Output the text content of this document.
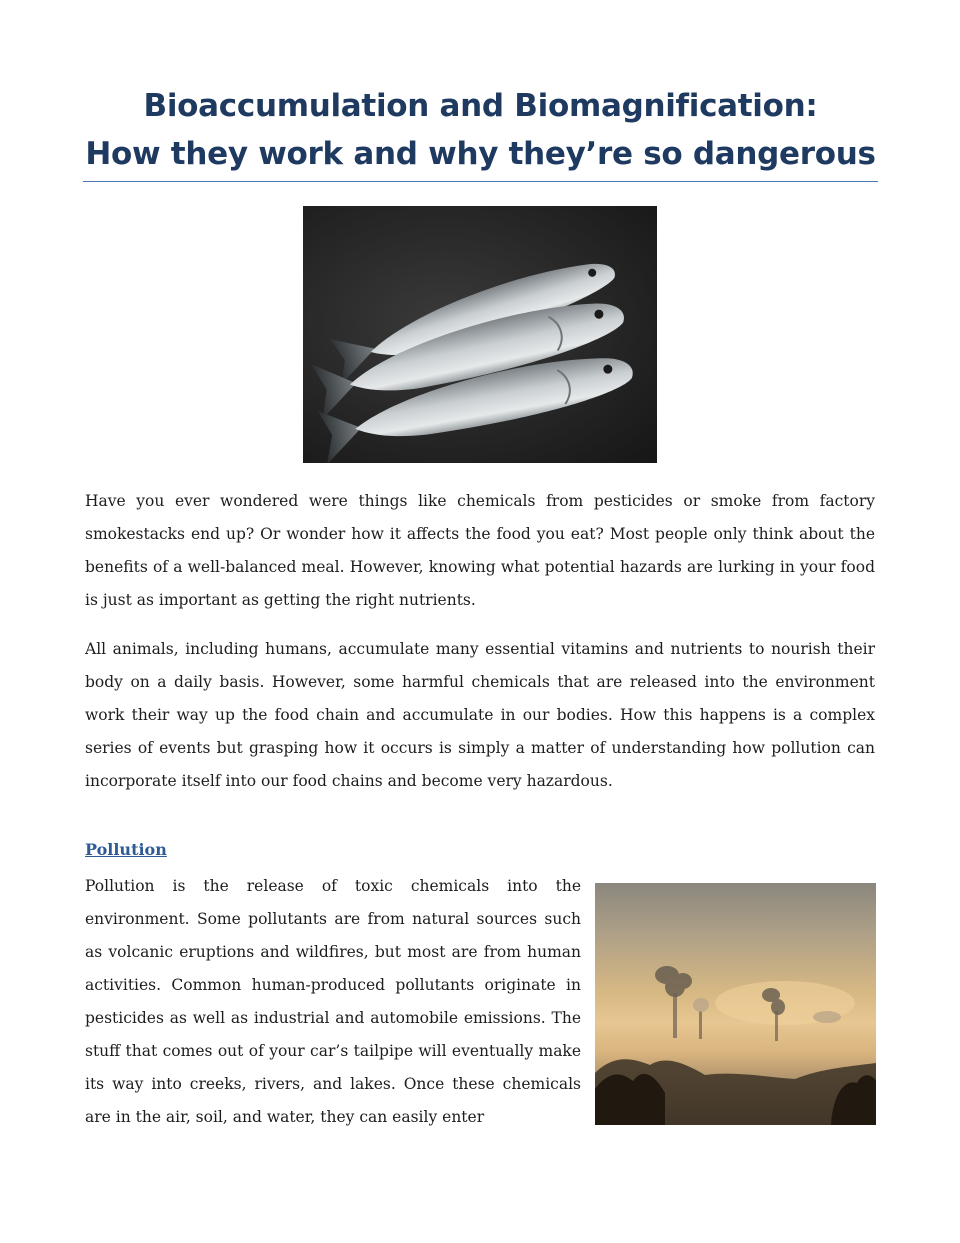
Bioaccumulation and Biomagnification:
How they work and why they’re so dangerous

Have you ever wondered were things like chemicals from pesticides or smoke from factory smokestacks end up? Or wonder how it affects the food you eat? Most people only think about the benefits of a well-balanced meal. However, knowing what potential hazards are lurking in your food is just as important as getting the right nutrients.

All animals, including humans, accumulate many essential vitamins and nutrients to nourish their body on a daily basis. However, some harmful chemicals that are released into the environment work their way up the food chain and accumulate in our bodies. How this happens is a complex series of events but grasping how it occurs is simply a matter of understanding how pollution can incorporate itself into our food chains and become very hazardous.

Pollution

Pollution is the release of toxic chemicals into the environment. Some pollutants are from natural sources such as volcanic eruptions and wildfires, but most are from human activities. Common human-produced pollutants originate in pesticides as well as industrial and automobile emissions. The stuff that comes out of your car’s tailpipe will eventually make its way into creeks, rivers, and lakes. Once these chemicals are in the air, soil, and water, they can easily enter
